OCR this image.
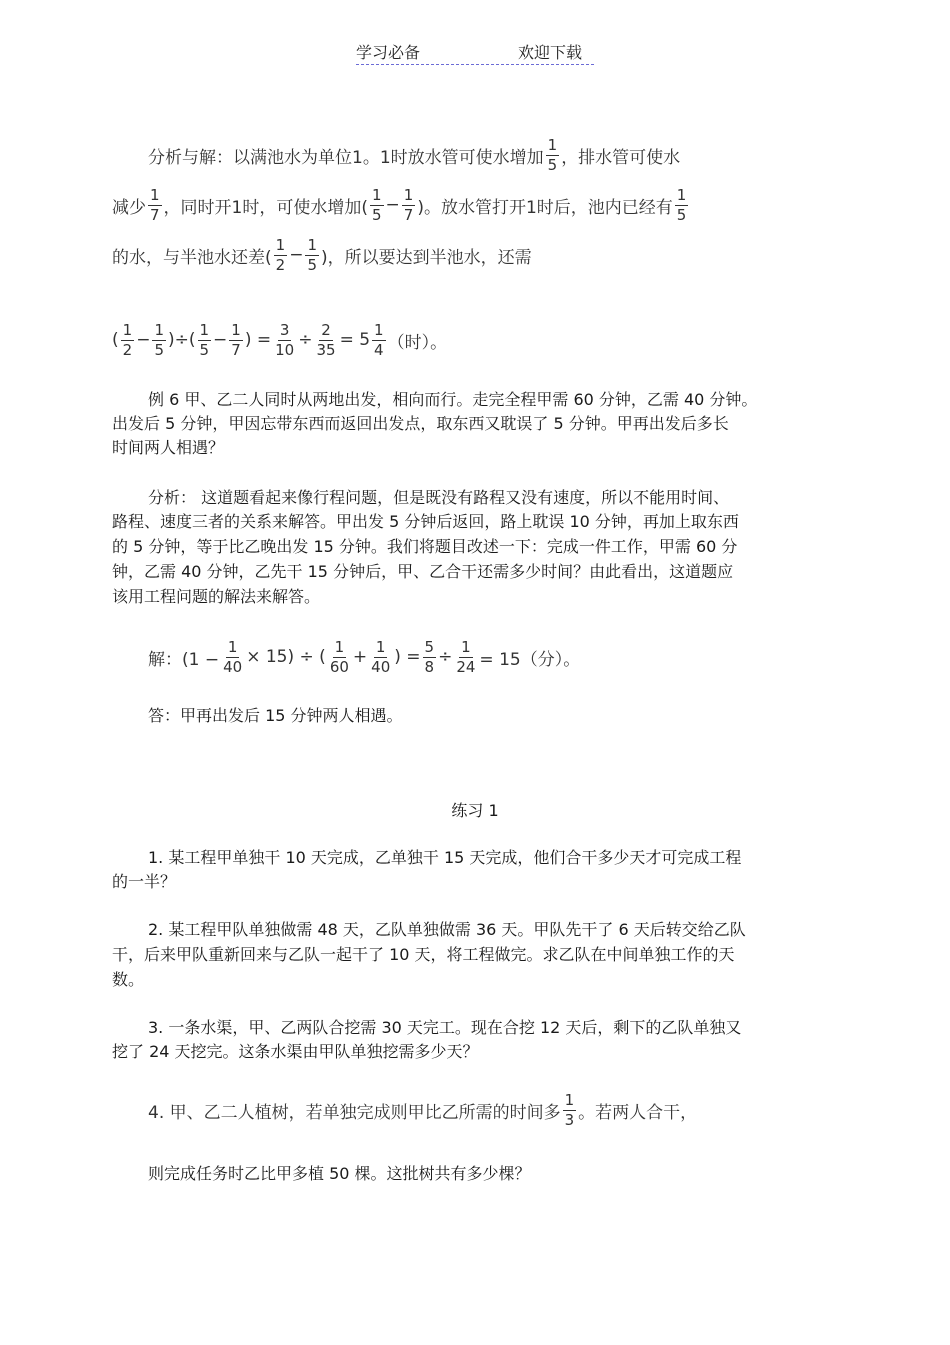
学习必备	欢迎下载
分析与解：以满池水为单位1。1时放水管可使水增加 $\frac{1}{5}$ ，排水管可使水
减少 $\frac{1}{7}$ ，同时开1时，可使水增加( $\frac{1}{5} - \frac{1}{7}$ )。放水管打开1时后，池内已经有 $\frac{1}{5}$
的水，与半池水还差( $\frac{1}{2} - \frac{1}{5}$ )，所以要达到半池水，还需
( $\frac{1}{2} - \frac{1}{5}$ )÷( $\frac{1}{5} - \frac{1}{7}$ ) = $\frac{3}{10} \div \frac{2}{35} = 5 \frac{1}{4}$ （时）。
例 6 甲、乙二人同时从两地出发，相向而行。走完全程甲需 60 分钟，乙需 40 分钟。
出发后 5 分钟，甲因忘带东西而返回出发点，取东西又耽误了 5 分钟。甲再出发后多长
时间两人相遇？
分析： 这道题看起来像行程问题，但是既没有路程又没有速度，所以不能用时间、
路程、速度三者的关系来解答。甲出发 5 分钟后返回，路上耽误 10 分钟，再加上取东西
的 5 分钟，等于比乙晚出发 15 分钟。我们将题目改述一下：完成一件工作，甲需 60 分
钟，乙需 40 分钟，乙先干 15 分钟后，甲、乙合干还需多少时间？由此看出，这道题应
该用工程问题的解法来解答。
解：$(1 - \frac{1}{40} \times 15)$ ÷ ( $\frac{1}{60} + \frac{1}{40}$ ) = $\frac{5}{8} \div \frac{1}{24} = 15$（分）。
答：甲再出发后 15 分钟两人相遇。
练习 1
1. 某工程甲单独干 10 天完成，乙单独干 15 天完成，他们合干多少天才可完成工程
的一半？
2. 某工程甲队单独做需 48 天，乙队单独做需 36 天。甲队先干了 6 天后转交给乙队
干，后来甲队重新回来与乙队一起干了 10 天，将工程做完。求乙队在中间单独工作的天
数。
3. 一条水渠，甲、乙两队合挖需 30 天完工。现在合挖 12 天后，剩下的乙队单独又
挖了 24 天挖完。这条水渠由甲队单独挖需多少天？
4. 甲、乙二人植树，若单独完成则甲比乙所需的时间多 $\frac{1}{3}$ 。若两人合干，
则完成任务时乙比甲多植 50 棵。这批树共有多少棵？
